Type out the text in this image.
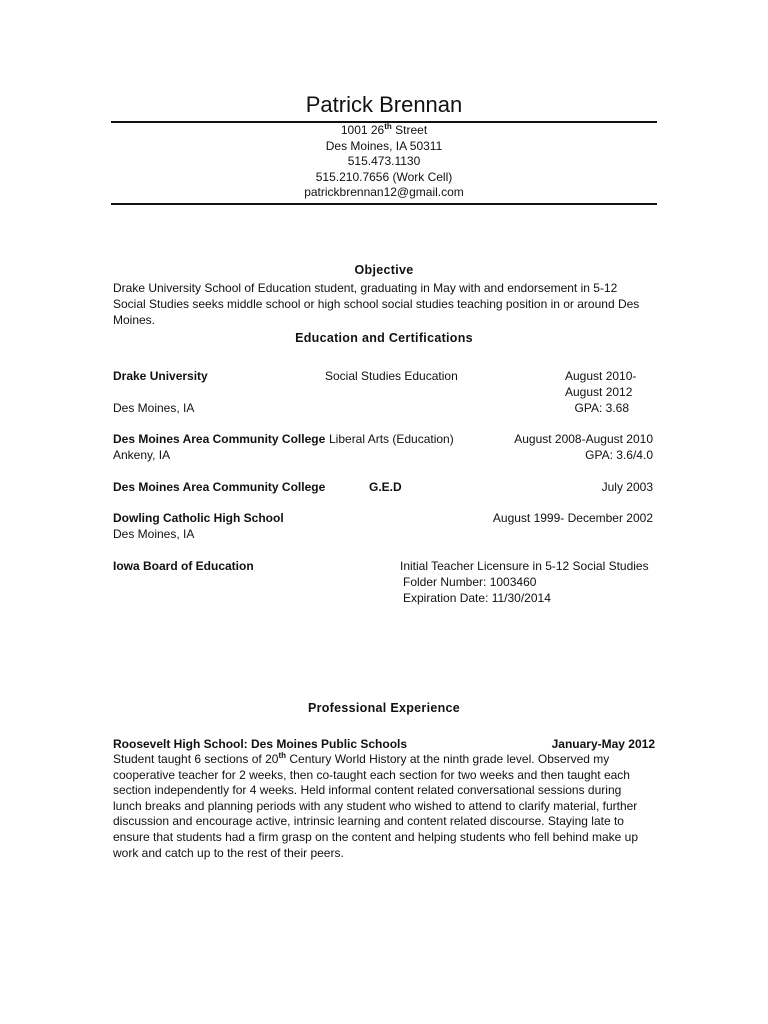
Patrick Brennan
1001 26th Street
Des Moines, IA 50311
515.473.1130
515.210.7656 (Work Cell)
patrickbrennan12@gmail.com
Objective
Drake University School of Education student, graduating in May with and endorsement in 5-12 Social Studies seeks middle school or high school social studies teaching position in or around Des Moines.
Education and Certifications
Drake University	Social Studies Education	August 2010-
August 2012
Des Moines, IA	GPA: 3.68
Des Moines Area Community College Liberal Arts (Education)	August 2008-August 2010
Ankeny, IA	GPA: 3.6/4.0
Des Moines Area Community College	G.E.D	July 2003
Dowling Catholic High School	August 1999- December 2002
Des Moines, IA
Iowa Board of Education	Initial Teacher Licensure in 5-12 Social Studies
Folder Number: 1003460
Expiration Date: 11/30/2014
Professional Experience
Roosevelt High School: Des Moines Public Schools	January-May 2012
Student taught 6 sections of 20th Century World History at the ninth grade level. Observed my cooperative teacher for 2 weeks, then co-taught each section for two weeks and then taught each section independently for 4 weeks. Held informal content related conversational sessions during lunch breaks and planning periods with any student who wished to attend to clarify material, further discussion and encourage active, intrinsic learning and content related discourse. Staying late to ensure that students had a firm grasp on the content and helping students who fell behind make up work and catch up to the rest of their peers.
